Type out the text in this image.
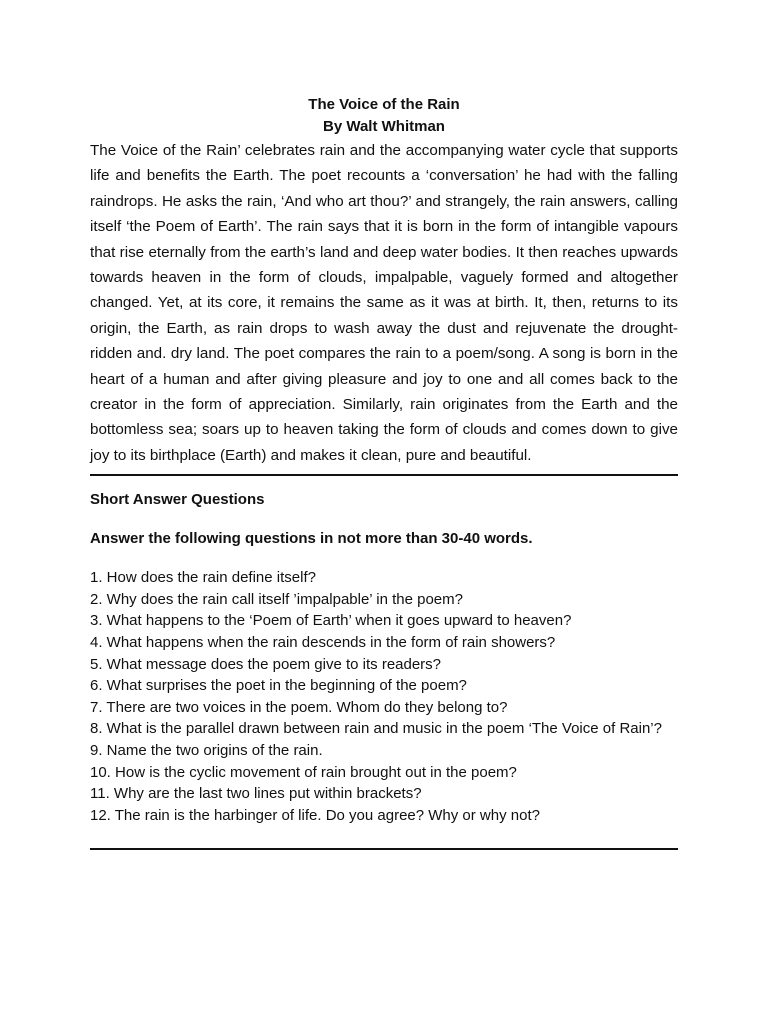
The Voice of the Rain

By Walt Whitman

The Voice of the Rain’ celebrates rain and the accompanying water cycle that supports life and benefits the Earth. The poet recounts a ‘conversation’ he had with the falling raindrops. He asks the rain, ‘And who art thou?’ and strangely, the rain answers, calling itself ‘the Poem of Earth’. The rain says that it is born in the form of intangible vapours that rise eternally from the earth’s land and deep water bodies. It then reaches upwards towards heaven in the form of clouds, impalpable, vaguely formed and altogether changed. Yet, at its core, it remains the same as it was at birth. It, then, returns to its origin, the Earth, as rain drops to wash away the dust and rejuvenate the drought-ridden and. dry land. The poet compares the rain to a poem/song. A song is born in the heart of a human and after giving pleasure and joy to one and all comes back to the creator in the form of appreciation. Similarly, rain originates from the Earth and the bottomless sea; soars up to heaven taking the form of clouds and comes down to give joy to its birthplace (Earth) and makes it clean, pure and beautiful.

Short Answer Questions

Answer the following questions in not more than 30-40 words.

1. How does the rain define itself?
2. Why does the rain call itself ’impalpable’ in the poem?
3. What happens to the ‘Poem of Earth’ when it goes upward to heaven?
4. What happens when the rain descends in the form of rain showers?
5. What message does the poem give to its readers?
6. What surprises the poet in the beginning of the poem?
7. There are two voices in the poem. Whom do they belong to?
8. What is the parallel drawn between rain and music in the poem ‘The Voice of Rain’?
9. Name the two origins of the rain.
10. How is the cyclic movement of rain brought out in the poem?
11. Why are the last two lines put within brackets?
12. The rain is the harbinger of life. Do you agree? Why or why not?
